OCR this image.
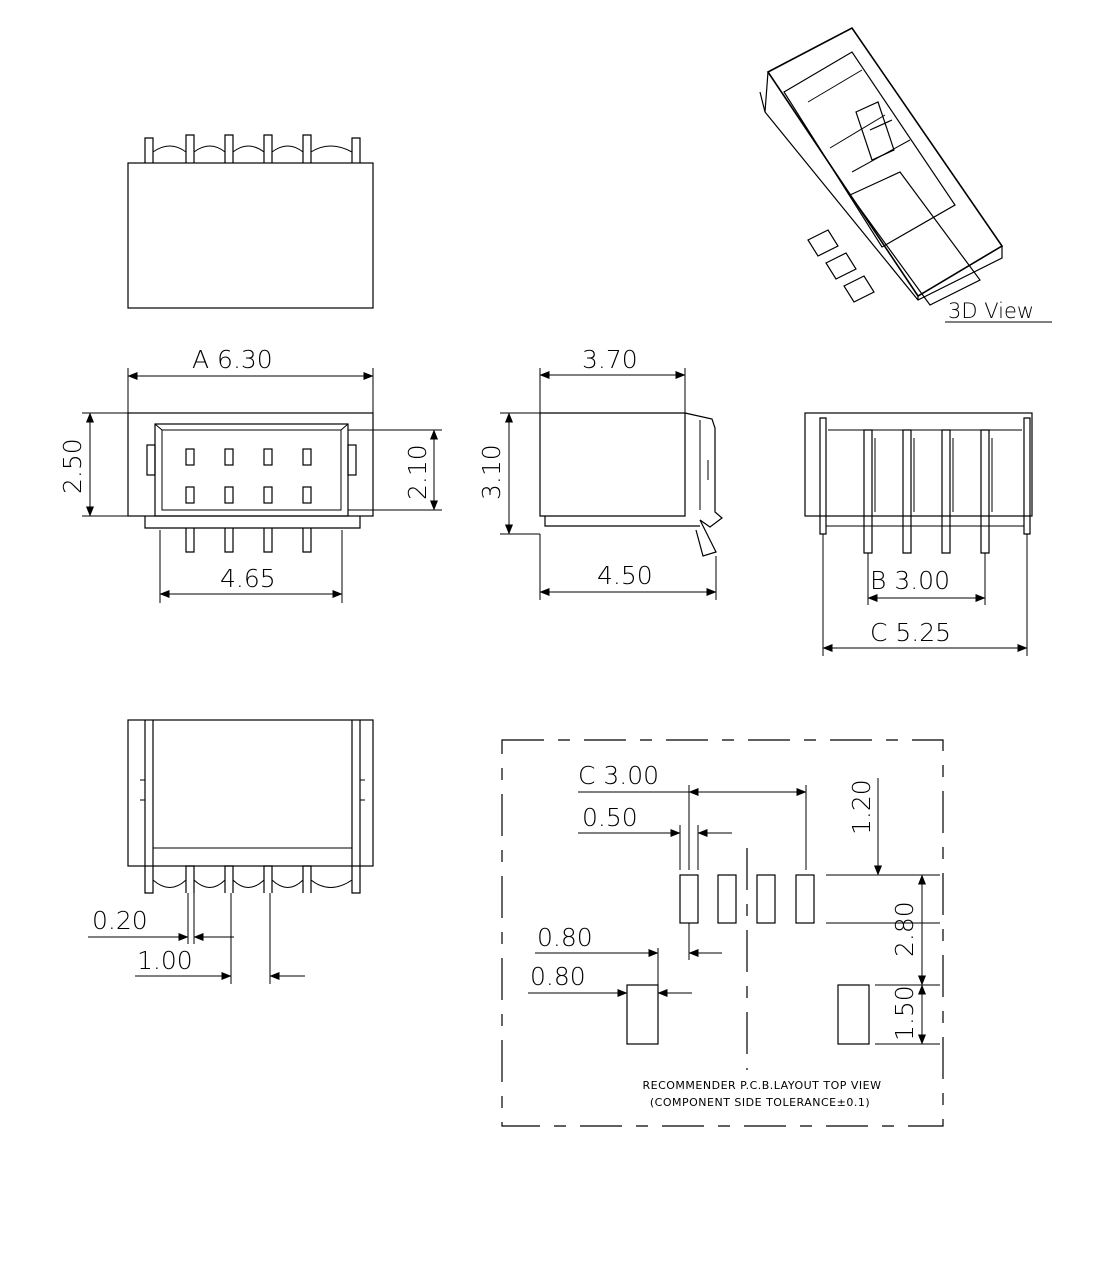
A 6.30
2.50	2.10
4.65
3.70
3.10
4.50	B 3.00
C 5.25
0.20
1.00
C 3.00
0.50	1.20
2.80
0.80
0.80
1.50
RECOMMENDER P.C.B.LAYOUT TOP VIEW
(COMPONENT SIDE TOLERANCE±0.1)
3D View
